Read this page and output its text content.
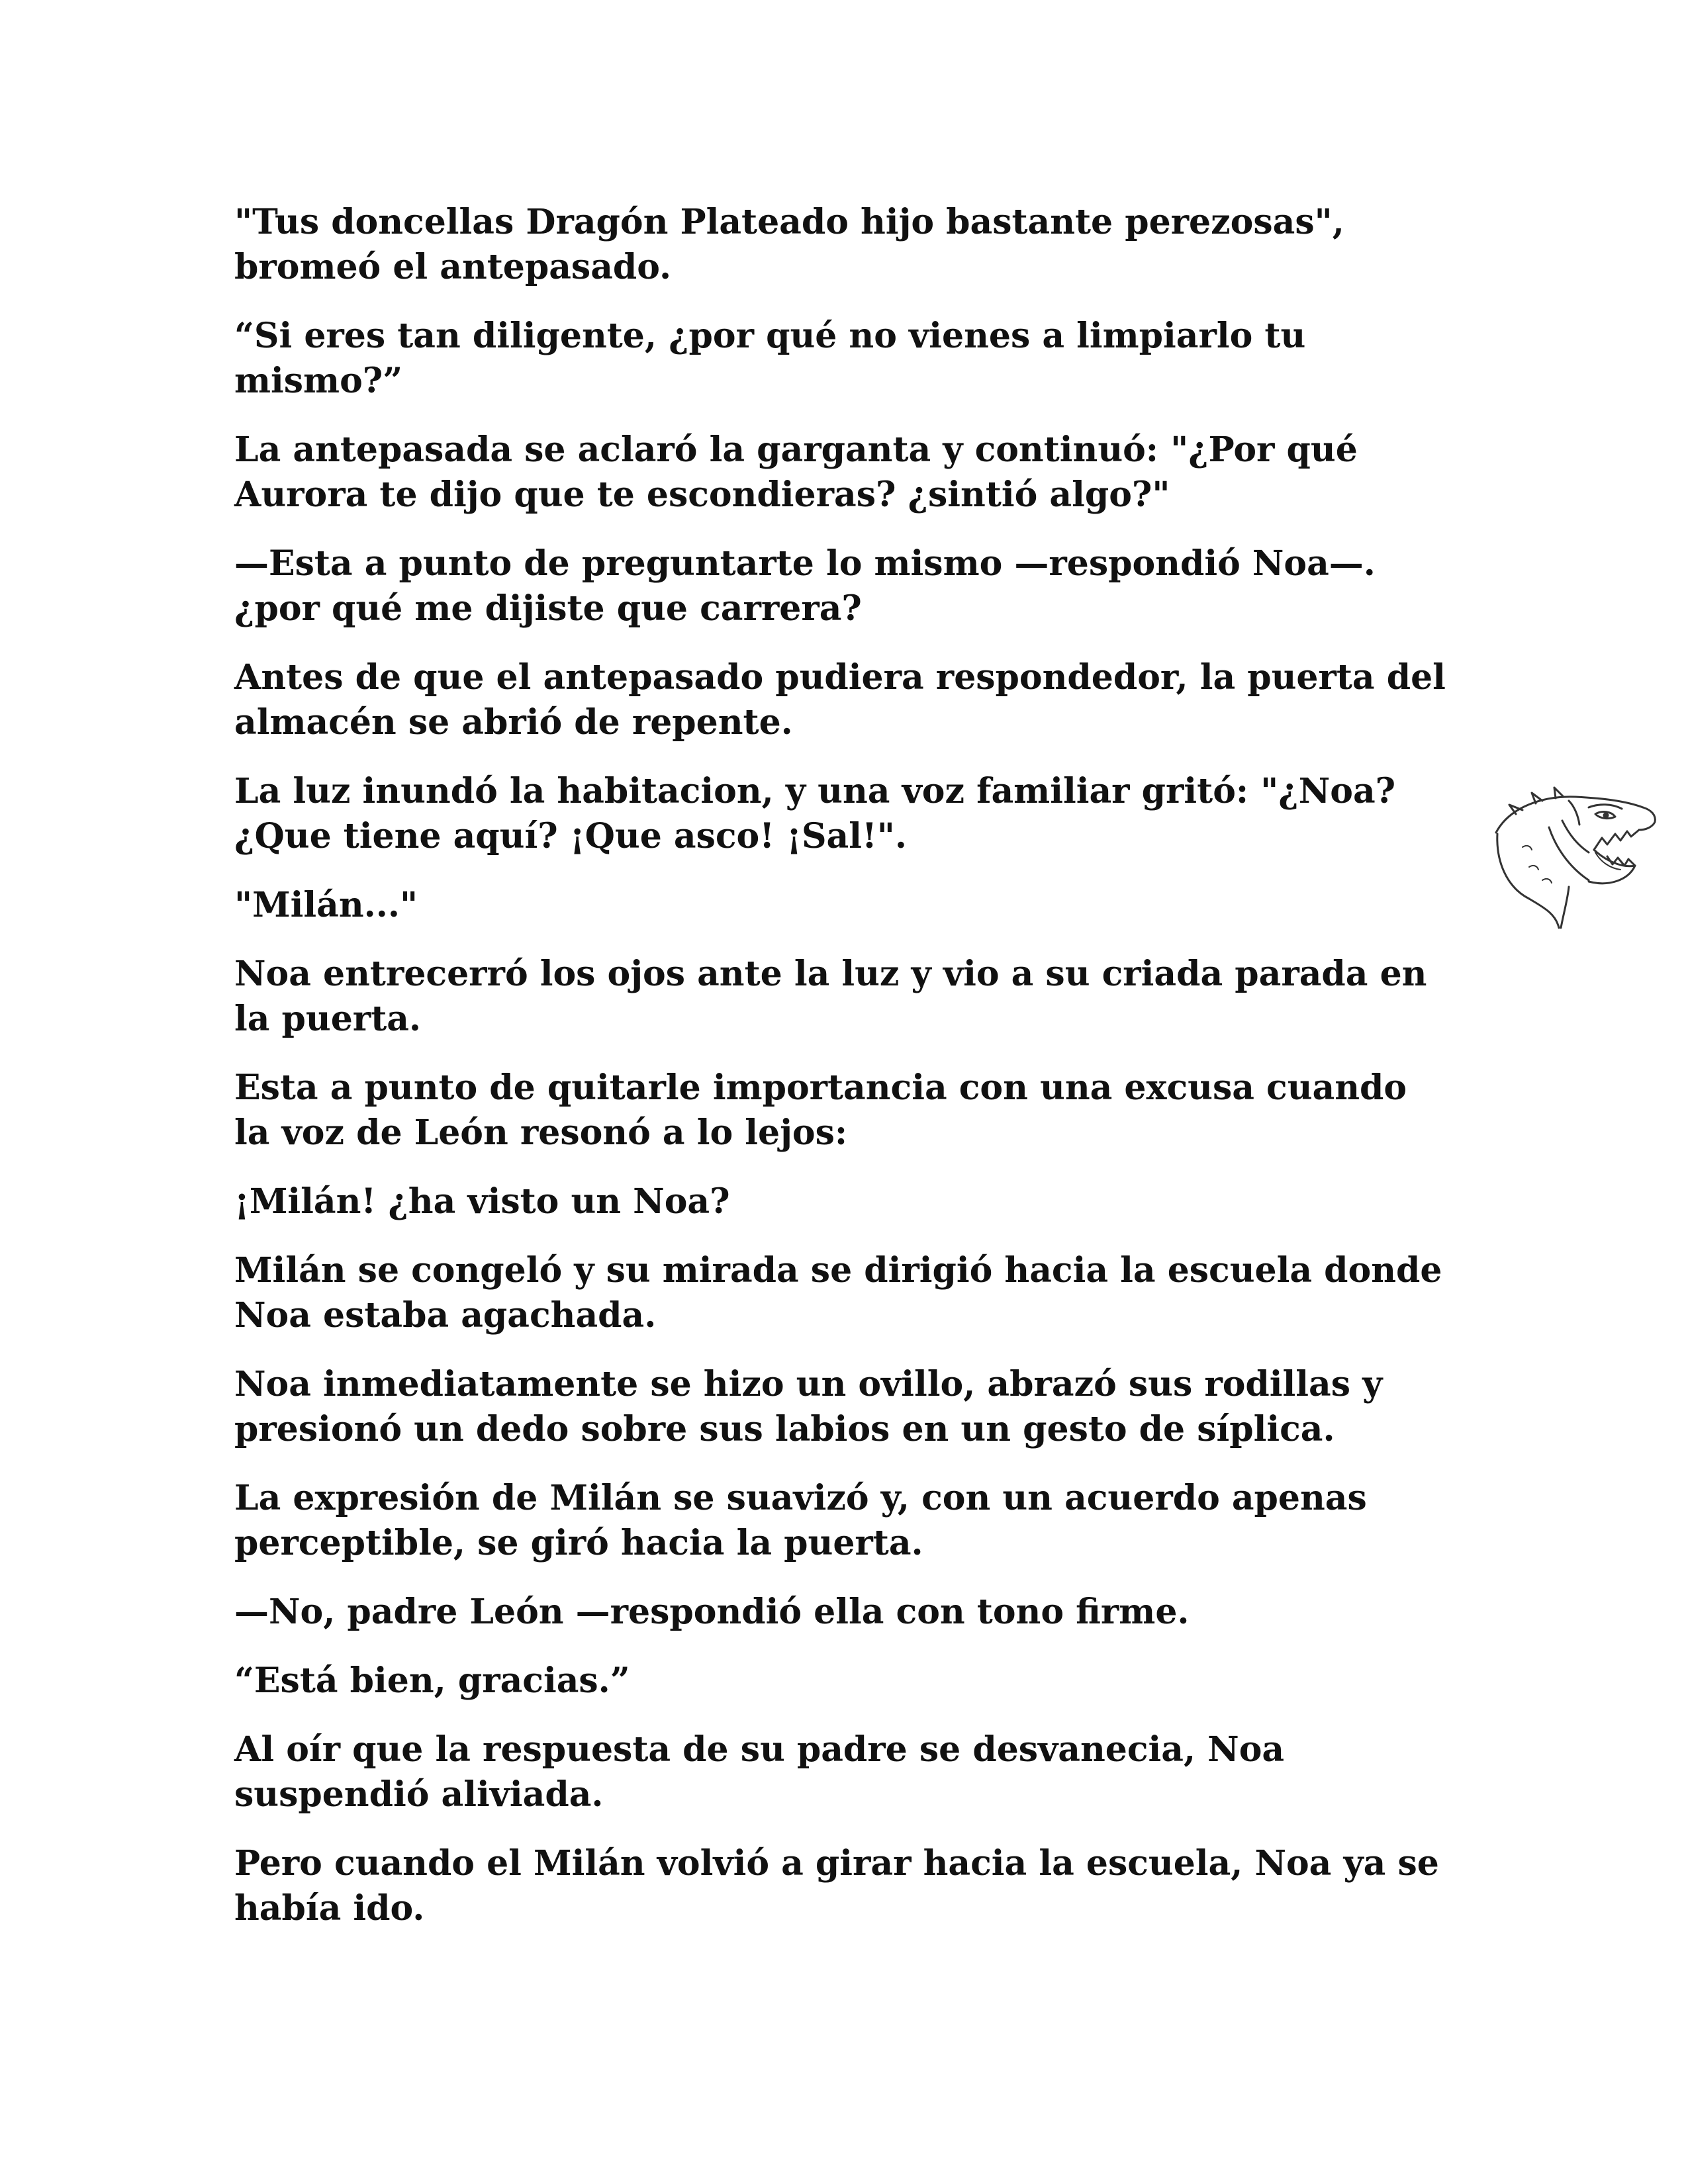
"Tus doncellas Dragón Plateado hijo bastante perezosas",
bromeó el antepasado.

“Si eres tan diligente, ¿por qué no vienes a limpiarlo tu
mismo?”

La antepasada se aclaró la garganta y continuó: "¿Por qué
Aurora te dijo que te escondieras? ¿sintió algo?"

—Esta a punto de preguntarte lo mismo —respondió Noa—.
¿por qué me dijiste que carrera?

Antes de que el antepasado pudiera respondedor, la puerta del
almacén se abrió de repente.

La luz inundó la habitacion, y una voz familiar gritó: "¿Noa?
¿Que tiene aquí? ¡Que asco! ¡Sal!".

"Milán..."

Noa entrecerró los ojos ante la luz y vio a su criada parada en
la puerta.

Esta a punto de quitarle importancia con una excusa cuando
la voz de León resonó a lo lejos:

¡Milán! ¿ha visto un Noa?

Milán se congeló y su mirada se dirigió hacia la escuela donde
Noa estaba agachada.

Noa inmediatamente se hizo un ovillo, abrazó sus rodillas y
presionó un dedo sobre sus labios en un gesto de síplica.

La expresión de Milán se suavizó y, con un acuerdo apenas
perceptible, se giró hacia la puerta.

—No, padre León —respondió ella con tono firme.

“Está bien, gracias.”

Al oír que la respuesta de su padre se desvanecia, Noa
suspendió aliviada.

Pero cuando el Milán volvió a girar hacia la escuela, Noa ya se
había ido.
